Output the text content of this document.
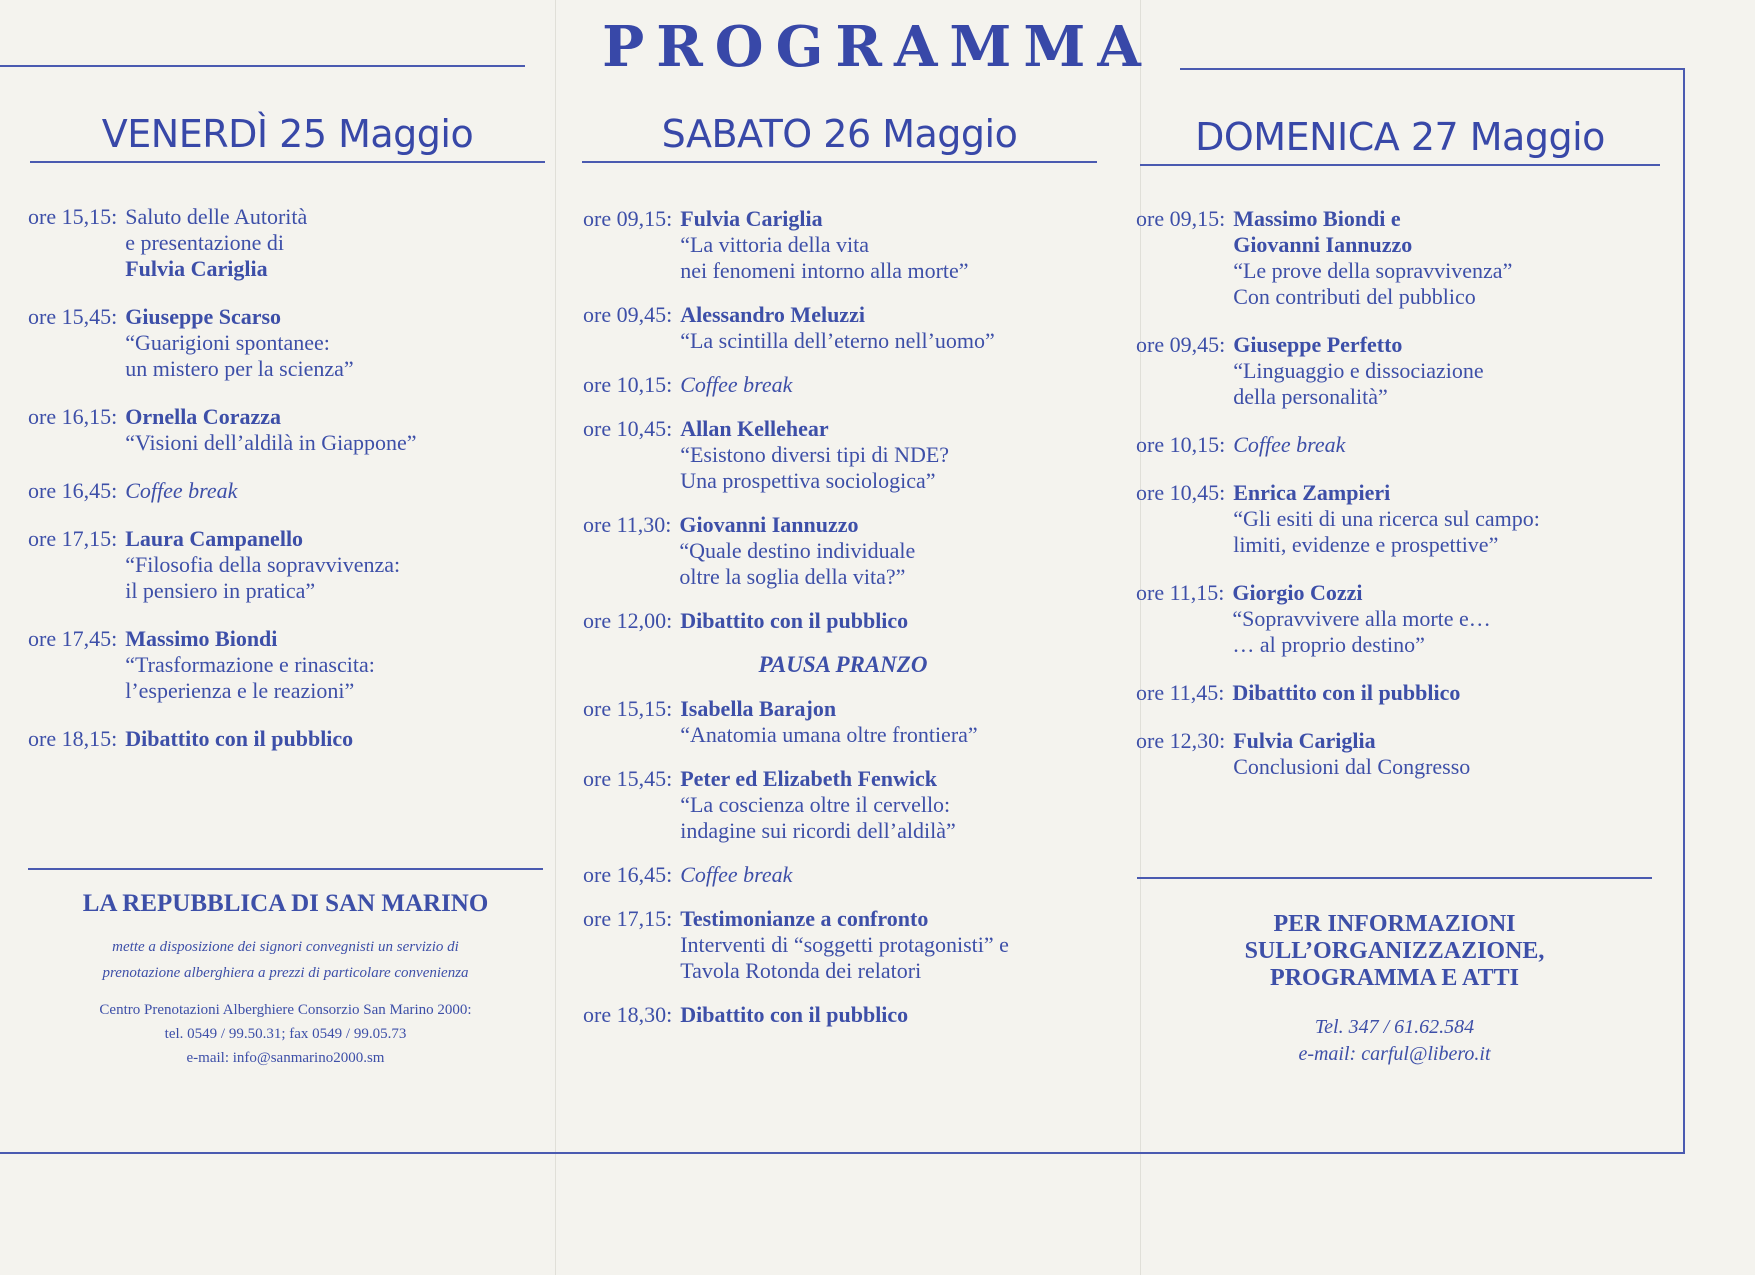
PROGRAMMA
VENERDÌ 25 Maggio	SABATO 26 Maggio	DOMENICA 27 Maggio
ore 15,15: Saluto delle Autorità
e presentazione di
Fulvia Cariglia
ore 15,45: Giuseppe Scarso
“Guarigioni spontanee:
un mistero per la scienza”
ore 16,15: Ornella Corazza
“Visioni dell’aldilà in Giappone”
ore 16,45: Coffee break
ore 17,15: Laura Campanello
“Filosofia della sopravvivenza:
il pensiero in pratica”
ore 17,45: Massimo Biondi
“Trasformazione e rinascita:
l’esperienza e le reazioni”
ore 18,15: Dibattito con il pubblico
ore 09,15: Fulvia Cariglia
“La vittoria della vita
nei fenomeni intorno alla morte”
ore 09,45: Alessandro Meluzzi
“La scintilla dell’eterno nell’uomo”
ore 10,15: Coffee break
ore 10,45: Allan Kellehear
“Esistono diversi tipi di NDE?
Una prospettiva sociologica”
ore 11,30: Giovanni Iannuzzo
“Quale destino individuale
oltre la soglia della vita?”
ore 12,00: Dibattito con il pubblico
PAUSA PRANZO
ore 15,15: Isabella Barajon
“Anatomia umana oltre frontiera”
ore 15,45: Peter ed Elizabeth Fenwick
“La coscienza oltre il cervello:
indagine sui ricordi dell’aldilà”
ore 16,45: Coffee break
ore 17,15: Testimonianze a confronto
Interventi di “soggetti protagonisti” e
Tavola Rotonda dei relatori
ore 18,30: Dibattito con il pubblico
ore 09,15: Massimo Biondi e
Giovanni Iannuzzo
“Le prove della sopravvivenza”
Con contributi del pubblico
ore 09,45: Giuseppe Perfetto
“Linguaggio e dissociazione
della personalità”
ore 10,15: Coffee break
ore 10,45: Enrica Zampieri
“Gli esiti di una ricerca sul campo:
limiti, evidenze e prospettive”
ore 11,15: Giorgio Cozzi
“Sopravvivere alla morte e…
… al proprio destino”
ore 11,45: Dibattito con il pubblico
ore 12,30: Fulvia Cariglia
Conclusioni dal Congresso
LA REPUBBLICA DI SAN MARINO
mette a disposizione dei signori convegnisti un servizio di
prenotazione alberghiera a prezzi di particolare convenienza
Centro Prenotazioni Alberghiere Consorzio San Marino 2000:
tel. 0549 / 99.50.31; fax 0549 / 99.05.73
e-mail: info@sanmarino2000.sm
PER INFORMAZIONI
SULL’ORGANIZZAZIONE,
PROGRAMMA E ATTI
Tel. 347 / 61.62.584
e-mail: carful@libero.it
